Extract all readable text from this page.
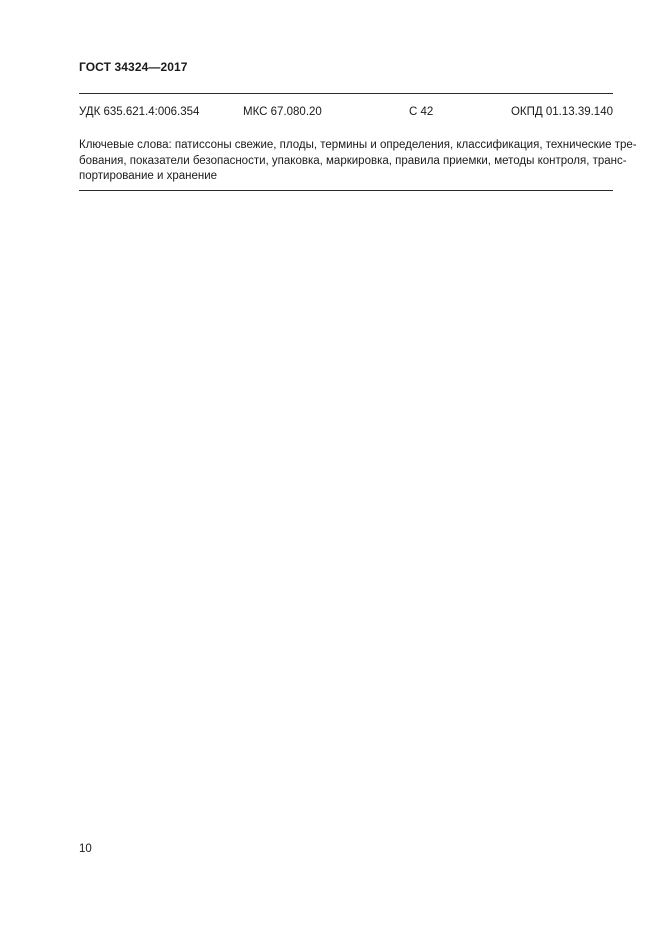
ГОСТ 34324—2017
УДК 635.621.4:006.354	МКС 67.080.20	С 42	ОКПД 01.13.39.140
Ключевые слова: патиссоны свежие, плоды, термины и определения, классификация, технические тре-
бования, показатели безопасности, упаковка, маркировка, правила приемки, методы контроля, транс-
портирование и хранение
10
